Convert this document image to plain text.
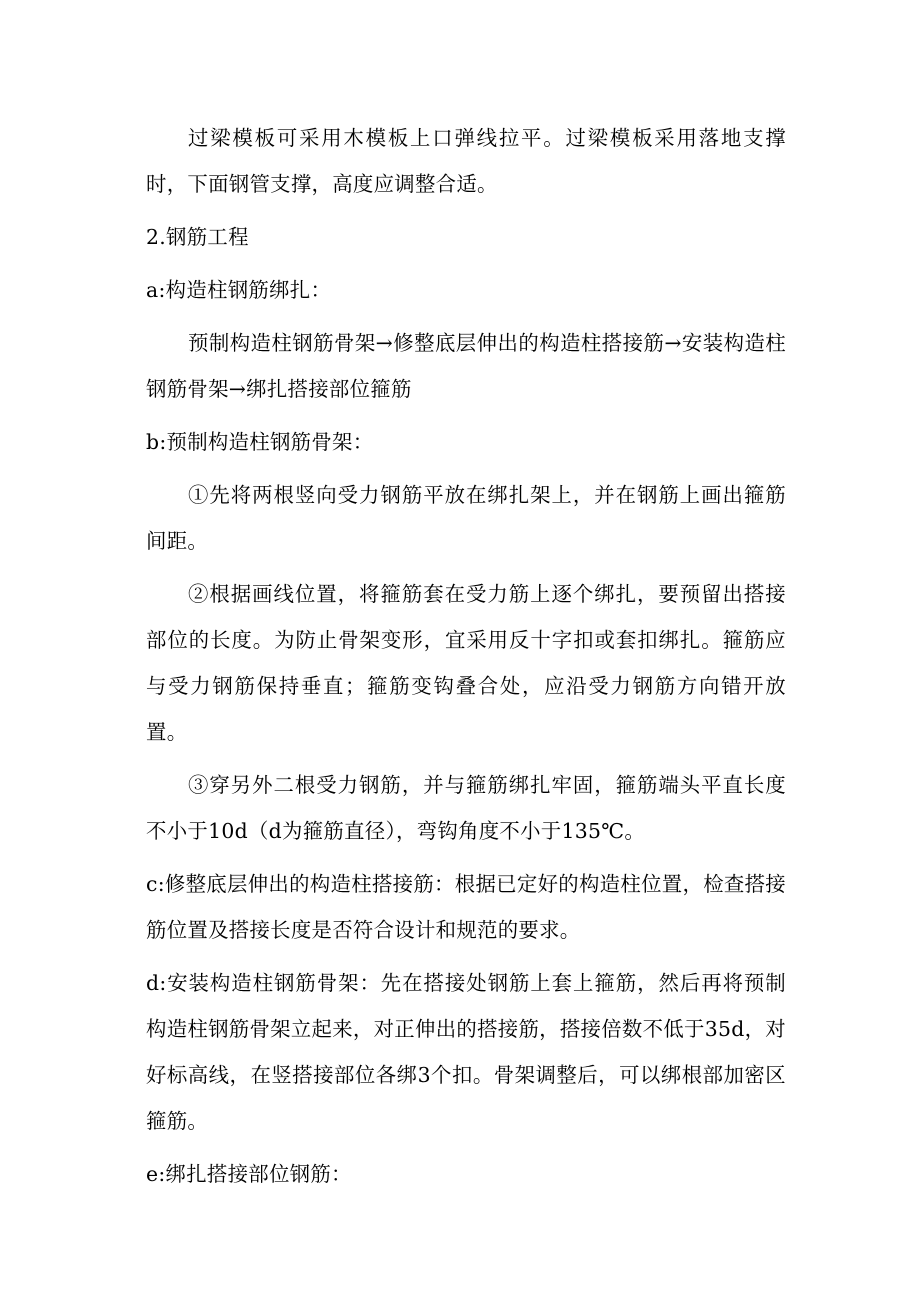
过梁模板可采用木模板上口弹线拉平。过梁模板采用落地支撑时，下面钢管支撑，高度应调整合适。

2.钢筋工程

a:构造柱钢筋绑扎：

预制构造柱钢筋骨架→修整底层伸出的构造柱搭接筋→安装构造柱钢筋骨架→绑扎搭接部位箍筋

b:预制构造柱钢筋骨架：

①先将两根竖向受力钢筋平放在绑扎架上，并在钢筋上画出箍筋间距。

②根据画线位置，将箍筋套在受力筋上逐个绑扎，要预留出搭接部位的长度。为防止骨架变形，宜采用反十字扣或套扣绑扎。箍筋应与受力钢筋保持垂直；箍筋变钩叠合处，应沿受力钢筋方向错开放置。

③穿另外二根受力钢筋，并与箍筋绑扎牢固，箍筋端头平直长度不小于10d（d为箍筋直径），弯钩角度不小于135℃。

c:修整底层伸出的构造柱搭接筋：根据已定好的构造柱位置，检查搭接筋位置及搭接长度是否符合设计和规范的要求。

d:安装构造柱钢筋骨架：先在搭接处钢筋上套上箍筋，然后再将预制构造柱钢筋骨架立起来，对正伸出的搭接筋，搭接倍数不低于35d，对好标高线，在竖搭接部位各绑3个扣。骨架调整后，可以绑根部加密区箍筋。

e:绑扎搭接部位钢筋：
